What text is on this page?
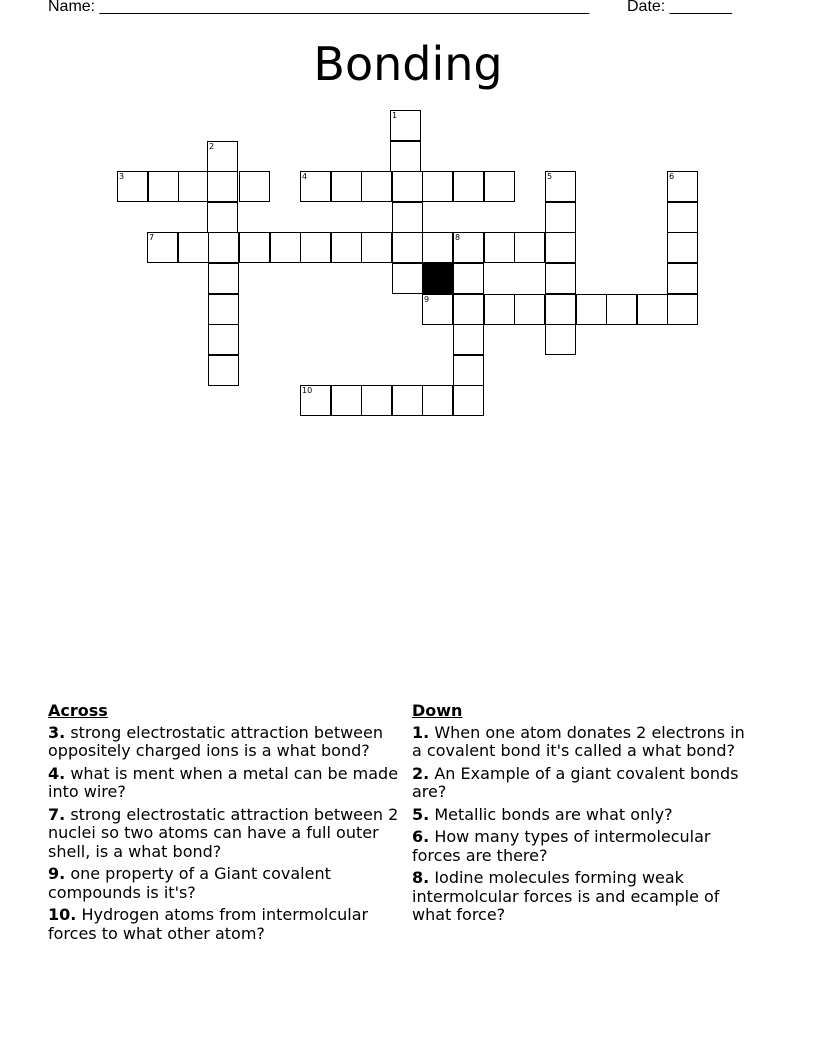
Name: _______________________________________________________ Date: _______
Bonding
1
2
3	4	5	6
7	8
9
10
Across
3. strong electrostatic attraction between oppositely charged ions is a what bond?
4. what is ment when a metal can be made into wire?
7. strong electrostatic attraction between 2 nuclei so two atoms can have a full outer shell, is a what bond?
9. one property of a Giant covalent compounds is it's?
10. Hydrogen atoms from intermolcular forces to what other atom?
Down
1. When one atom donates 2 electrons in a covalent bond it's called a what bond?
2. An Example of a giant covalent bonds are?
5. Metallic bonds are what only?
6. How many types of intermolecular forces are there?
8. Iodine molecules forming weak intermolcular forces is and ecample of what force?
